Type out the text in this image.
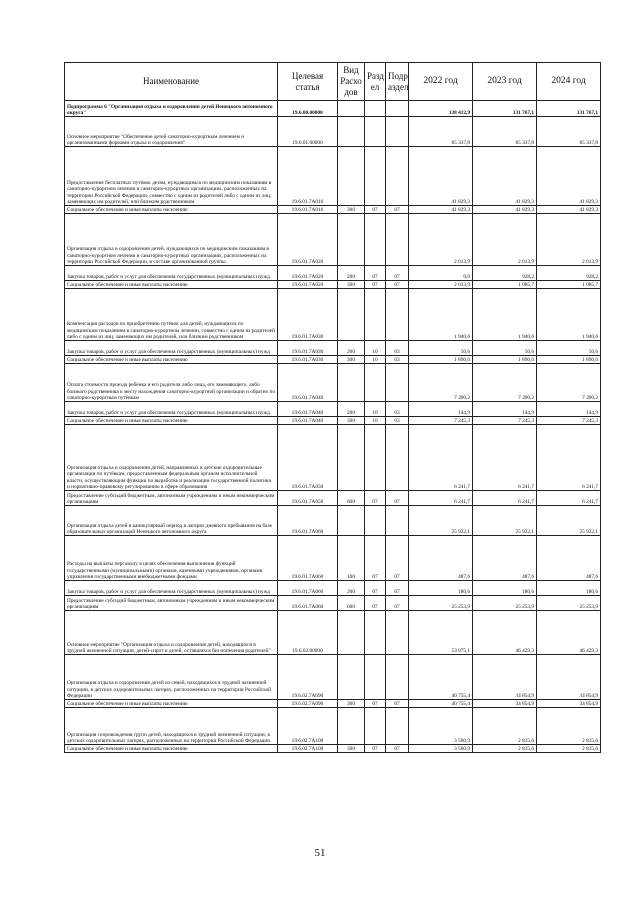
Наименование	Целевая статья	Вид Расхо дов	Разд ел	Подр аздел	2022 год	2023 год	2024 год
Подпрограмма 6 "Организация отдыха и оздоровления детей Ненецкого автономного округа"	19.6.00.00000				138 412,9	131 767,1	131 767,1
Основное мероприятие "Обеспечение детей санаторно-курортным лечением и организованными формами отдыха и оздоровления"	19.6.01.00000				85 337,8	85 337,8	85 337,8
Предоставление бесплатных путёвок детям, нуждающимся по медицинским показаниям в санаторно-курортном лечении в санаторно-курортных организациях, расположенных на территории Российской Федерации, совместно с одним из родителей либо с одним из лиц, заменяющих им родителей, или близким родственником	19.6.01.7А010				41 829,3	41 829,3	41 829,3
Социальное обеспечение и иные выплаты населению	19.6.01.7А010	300	07	07	41 829,3	41 829,3	41 829,3
Организация отдыха и оздоровления детей, нуждающихся по медицинским показаниям в санаторно-курортном лечении в санаторно-курортных организациях, расположенных на территории Российской Федерации, в составе организованной группы	19.6.01.7А020				2 013,9	2 013,9	2 013,9
Закупка товаров, работ и услуг для обеспечения государственных (муниципальных) нужд	19.6.01.7А020	200	07	07	0,0	928,2	928,2
Социальное обеспечение и иные выплаты населению	19.6.01.7А020	300	07	07	2 013,9	1 085,7	1 085,7
Компенсация расходов по приобретению путёвок для детей, нуждающихся по медицинским показаниям в санаторно-курортном лечении, совместно с одним из родителей либо с одним из лиц, заменяющих им родителей, или близким родственником	19.6.01.7А030				1 940,6	1 940,6	1 940,6
Закупка товаров, работ и услуг для обеспечения государственных (муниципальных) нужд	19.6.01.7А030	200	10	03	50,6	50,6	50,6
Социальное обеспечение и иные выплаты населению	19.6.01.7А030	300	10	03	1 890,0	1 890,0	1 890,0
Оплата стоимости проезда ребёнка и его родителя либо лица, его заменяющего, либо близкого родственника к месту нахождения санаторно-курортной организации и обратно по санаторно-курортным путёвкам	19.6.01.7А040				7 390,2	7 390,2	7 390,2
Закупка товаров, работ и услуг для обеспечения государственных (муниципальных) нужд	19.6.01.7А040	200	10	03	144,9	144,9	144,9
Социальное обеспечение и иные выплаты населению	19.6.01.7А040	300	10	03	7 245,3	7 245,3	7 245,3
Организация отдыха и оздоровления детей, направляемых в детские оздоровительные организации по путёвкам, предоставленным федеральным органом исполнительной власти, осуществляющим функции по выработке и реализации государственной политики и нормативно-правовому регулированию в сфере образования	19.6.01.7А050				6 241,7	6 241,7	6 241,7
Предоставление субсидий бюджетным, автономным учреждениям и иным некоммерческим организациям	19.6.01.7А050	600	07	07	6 241,7	6 241,7	6 241,7
Организация отдыха детей в каникулярный период в лагерях дневного пребывания на базе образовательных организаций Ненецкого автономного округа	19.6.01.7А060				25 922,1	25 922,1	25 922,1
Расходы на выплаты персоналу в целях обеспечения выполнения функций государственными (муниципальными) органами, казенными учреждениями, органами управления государственными внебюджетными фондами	19.6.01.7А060	100	07	07	487,6	487,6	487,6
Закупка товаров, работ и услуг для обеспечения государственных (муниципальных) нужд	19.6.01.7А060	200	07	07	180,6	180,6	180,6
Предоставление субсидий бюджетным, автономным учреждениям и иным некоммерческим организациям	19.6.01.7А060	600	07	07	25 253,9	25 253,9	25 253,9
Основное мероприятие "Организация отдыха и оздоровления детей, находящихся в трудной жизненной ситуации, детей-сирот и детей, оставшихся без попечения родителей"	19.6.02.00000				53 075,1	46 429,3	46 429,3
Организация отдыха и оздоровления детей из семей, находящихся в трудной жизненной ситуации, в детских оздоровительных лагерях, расположенных на территории Российской Федерации	19.6.02.7А090				40 755,4	34 854,9	34 854,9
Социальное обеспечение и иные выплаты населению	19.6.02.7А090	300	07	07	40 755,4	34 854,9	34 854,9
Организация сопровождения групп детей, находящихся в трудной жизненной ситуации, в детских оздоровительных лагерях, расположенных на территории Российской Федерации	19.6.02.7А100				3 560,9	2 815,6	2 815,6
Социальное обеспечение и иные выплаты населению	19.6.02.7А100	300	07	07	3 560,9	2 815,6	2 815,6
51
